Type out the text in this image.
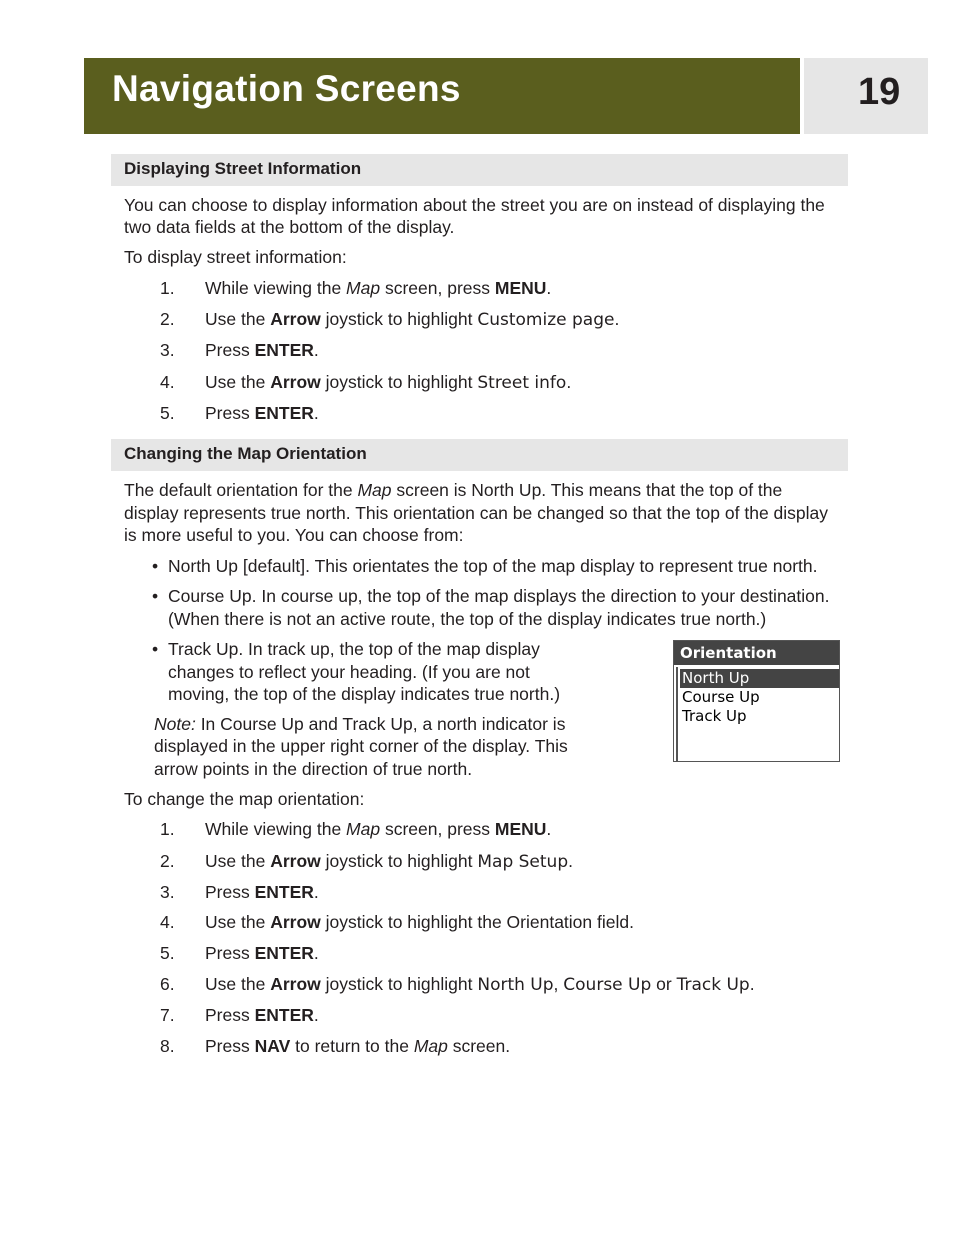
Navigation Screens	19
Displaying Street Information
You can choose to display information about the street you are on instead of displaying the
two data fields at the bottom of the display.
To display street information:
1. While viewing the Map screen, press MENU.
2. Use the Arrow joystick to highlight Customize page.
3. Press ENTER.
4. Use the Arrow joystick to highlight Street info.
5. Press ENTER.
Changing the Map Orientation
The default orientation for the Map screen is North Up. This means that the top of the
display represents true north. This orientation can be changed so that the top of the display
is more useful to you. You can choose from:
• North Up [default]. This orientates the top of the map display to represent true north.
• Course Up. In course up, the top of the map displays the direction to your destination.
(When there is not an active route, the top of the display indicates true north.)
• Track Up. In track up, the top of the map display
changes to reflect your heading. (If you are not
moving, the top of the display indicates true north.)
Note: In Course Up and Track Up, a north indicator is
displayed in the upper right corner of the display. This
arrow points in the direction of true north.
Orientation
North Up
Course Up
Track Up
To change the map orientation:
1. While viewing the Map screen, press MENU.
2. Use the Arrow joystick to highlight Map Setup.
3. Press ENTER.
4. Use the Arrow joystick to highlight the Orientation field.
5. Press ENTER.
6. Use the Arrow joystick to highlight North Up, Course Up or Track Up.
7. Press ENTER.
8. Press NAV to return to the Map screen.
